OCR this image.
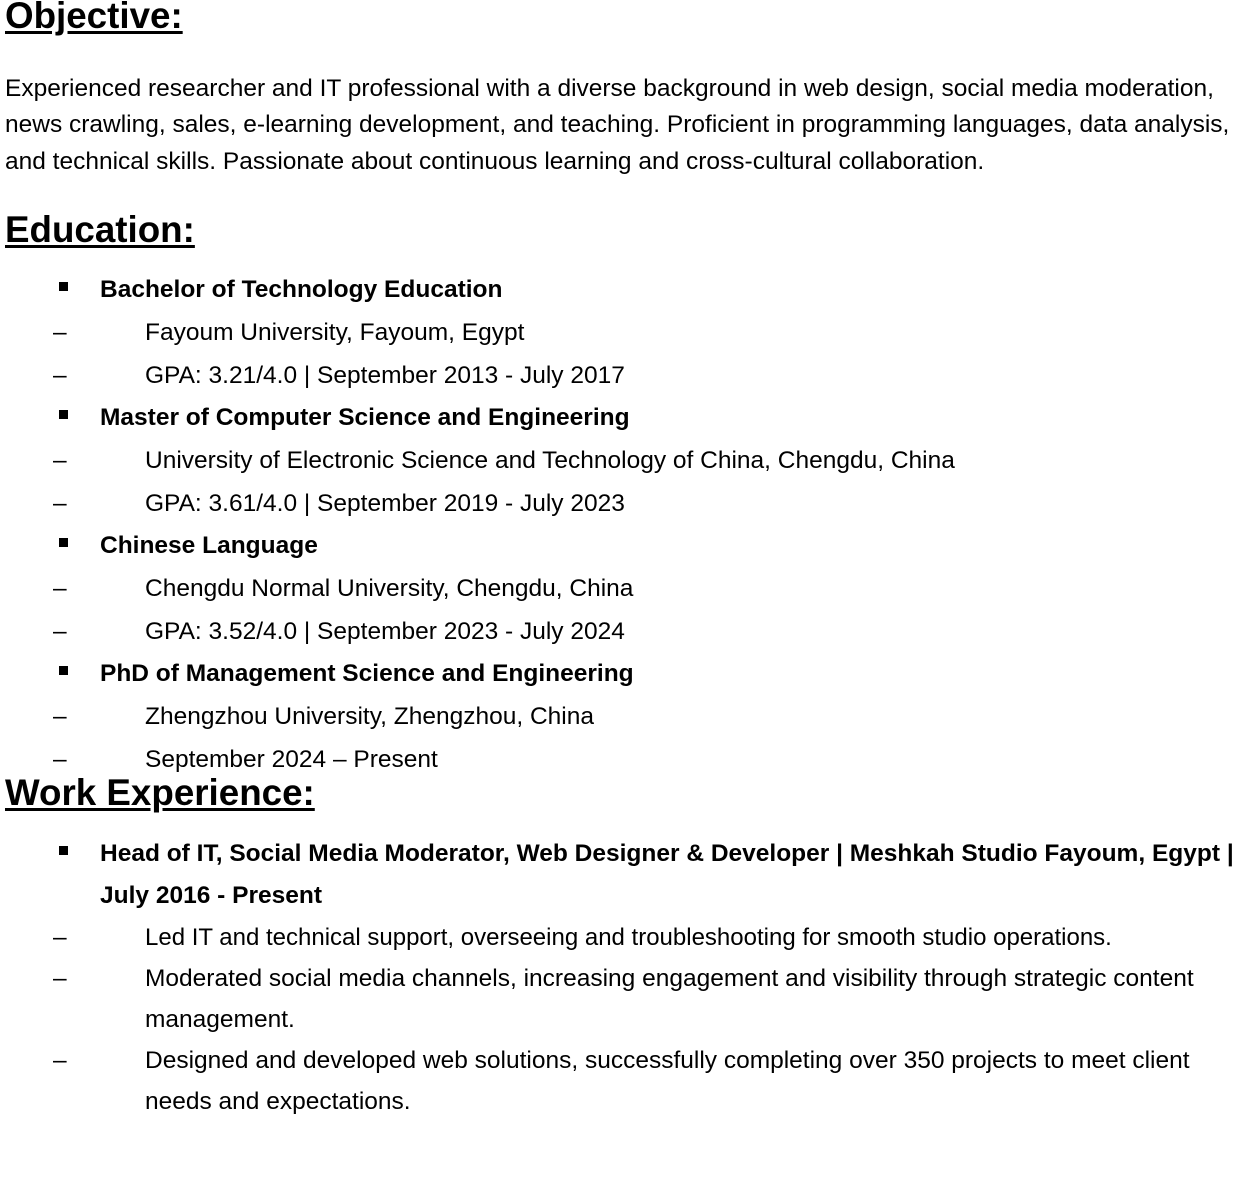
Objective:

Experienced researcher and IT professional with a diverse background in web design, social media moderation, news crawling, sales, e-learning development, and teaching. Proficient in programming languages, data analysis, and technical skills. Passionate about continuous learning and cross-cultural collaboration.

Education:
Bachelor of Technology Education
–	Fayoum University, Fayoum, Egypt
–	GPA: 3.21/4.0 | September 2013 - July 2017
Master of Computer Science and Engineering
–	University of Electronic Science and Technology of China, Chengdu, China
–	GPA: 3.61/4.0 | September 2019 - July 2023
Chinese Language
–	Chengdu Normal University, Chengdu, China
–	GPA: 3.52/4.0 | September 2023 - July 2024
PhD of Management Science and Engineering
–	Zhengzhou University, Zhengzhou, China
–	September 2024 – Present
Work Experience:
Head of IT, Social Media Moderator, Web Designer & Developer | Meshkah Studio Fayoum, Egypt | July 2016 - Present
–	Led IT and technical support, overseeing and troubleshooting for smooth studio operations.
–	Moderated social media channels, increasing engagement and visibility through strategic content management.
–	Designed and developed web solutions, successfully completing over 350 projects to meet client needs and expectations.
